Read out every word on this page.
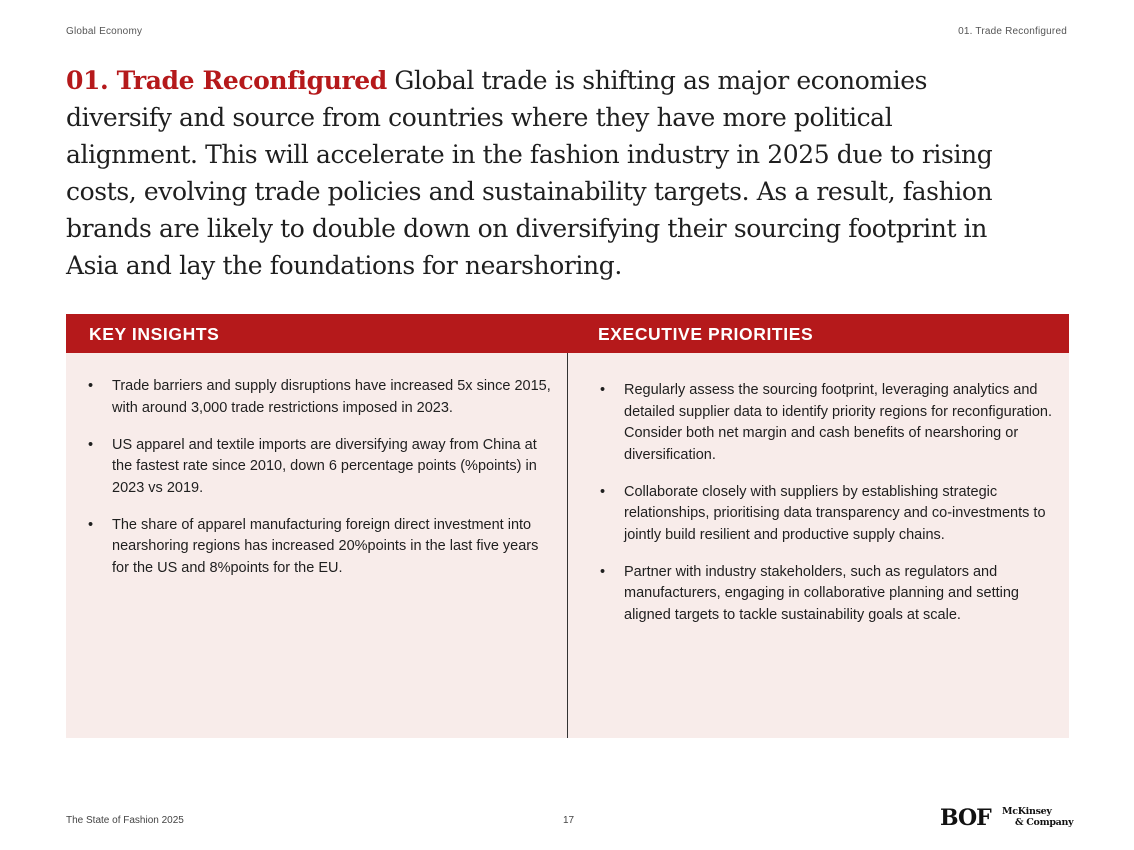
Global Economy	01. Trade Reconfigured

01. Trade Reconfigured Global trade is shifting as major economies diversify and source from countries where they have more political alignment. This will accelerate in the fashion industry in 2025 due to rising costs, evolving trade policies and sustainability targets. As a result, fashion brands are likely to double down on diversifying their sourcing footprint in Asia and lay the foundations for nearshoring.

KEY INSIGHTS	EXECUTIVE PRIORITIES
• Trade barriers and supply disruptions have increased 5x since 2015, with around 3,000 trade restrictions imposed in 2023.
• US apparel and textile imports are diversifying away from China at the fastest rate since 2010, down 6 percentage points (%points) in 2023 vs 2019.
• The share of apparel manufacturing foreign direct investment into nearshoring regions has increased 20%points in the last five years for the US and 8%points for the EU.
• Regularly assess the sourcing footprint, leveraging analytics and detailed supplier data to identify priority regions for reconfiguration. Consider both net margin and cash benefits of nearshoring or diversification.
• Collaborate closely with suppliers by establishing strategic relationships, prioritising data transparency and co-investments to jointly build resilient and productive supply chains.
• Partner with industry stakeholders, such as regulators and manufacturers, engaging in collaborative planning and setting aligned targets to tackle sustainability goals at scale.
The State of Fashion 2025	17	BOF McKinsey
& Company
